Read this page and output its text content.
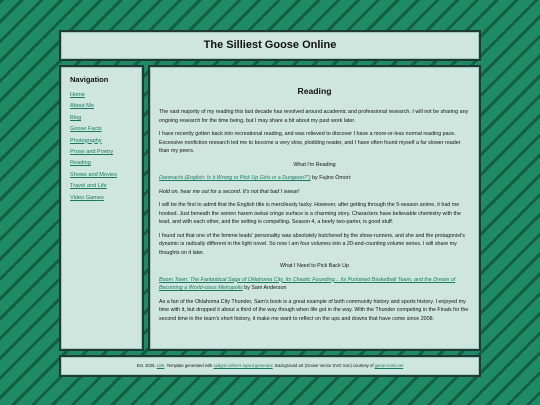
The Silliest Goose Online
Navigation
Home
About Me
Blog
Goose Facts
Photography
Prose and Poetry
Reading
Shows and Movies
Travel and Life
Video Games
Reading

The vast majority of my reading this last decade has revolved around academic and professional research. I will not be sharing any ongoing research for the time being, but I may share a bit about my past work later.

I have recently gotten back into recreational reading, and was relieved to discover I have a more-or-less normal reading pace. Excessive nonfiction research led me to become a very slow, plodding reader, and I have often found myself a far slower reader than my peers.

What I'm Reading

Danmachi (English: Is it Wrong to Pick Up Girls in a Dungeon?") by Fujino Ōmori:

Hold on, hear me out for a second. It's not that bad I swear!

I will be the first to admit that the English title is mercilessly tacky. However, after getting through the 5-season anime, it had me hooked. Just beneath the seinen harem isekai cringe surface is a charming story. Characters have believable chemistry with the lead, and with each other, and the setting is compelling. Season 4, a beefy two-parter, is good stuff.

I found out that one of the femme leads' personality was absolutely butchered by the show-runners, and she and the protagonist's dynamic is radically different in the light novel. So now I am four volumes into a 20-and-counting volume series. I will share my thoughts on it later.

What I Need to Pick Back Up

Boom Town: The Fantastical Saga of Oklahoma City, Its Chaotic Founding... Its Purloined Basketball Team, and the Dream of Becoming a World-class Metropolis by Sam Anderson

As a fan of the Oklahoma City Thunder, Sam's book is a great example of both community history and sports history. I enjoyed my time with it, but dropped it about a third of the way though when life got in the way. With the Thunder competing in the Finals for the second time in the team's short history, it make me want to reflect on the ups and downs that have come since 2008.

Est. 2025. Link. Template generated with sadgrrl.online's layout generator. Background art (Goose Vector SVG Icon) courtesy of game-icons.net
